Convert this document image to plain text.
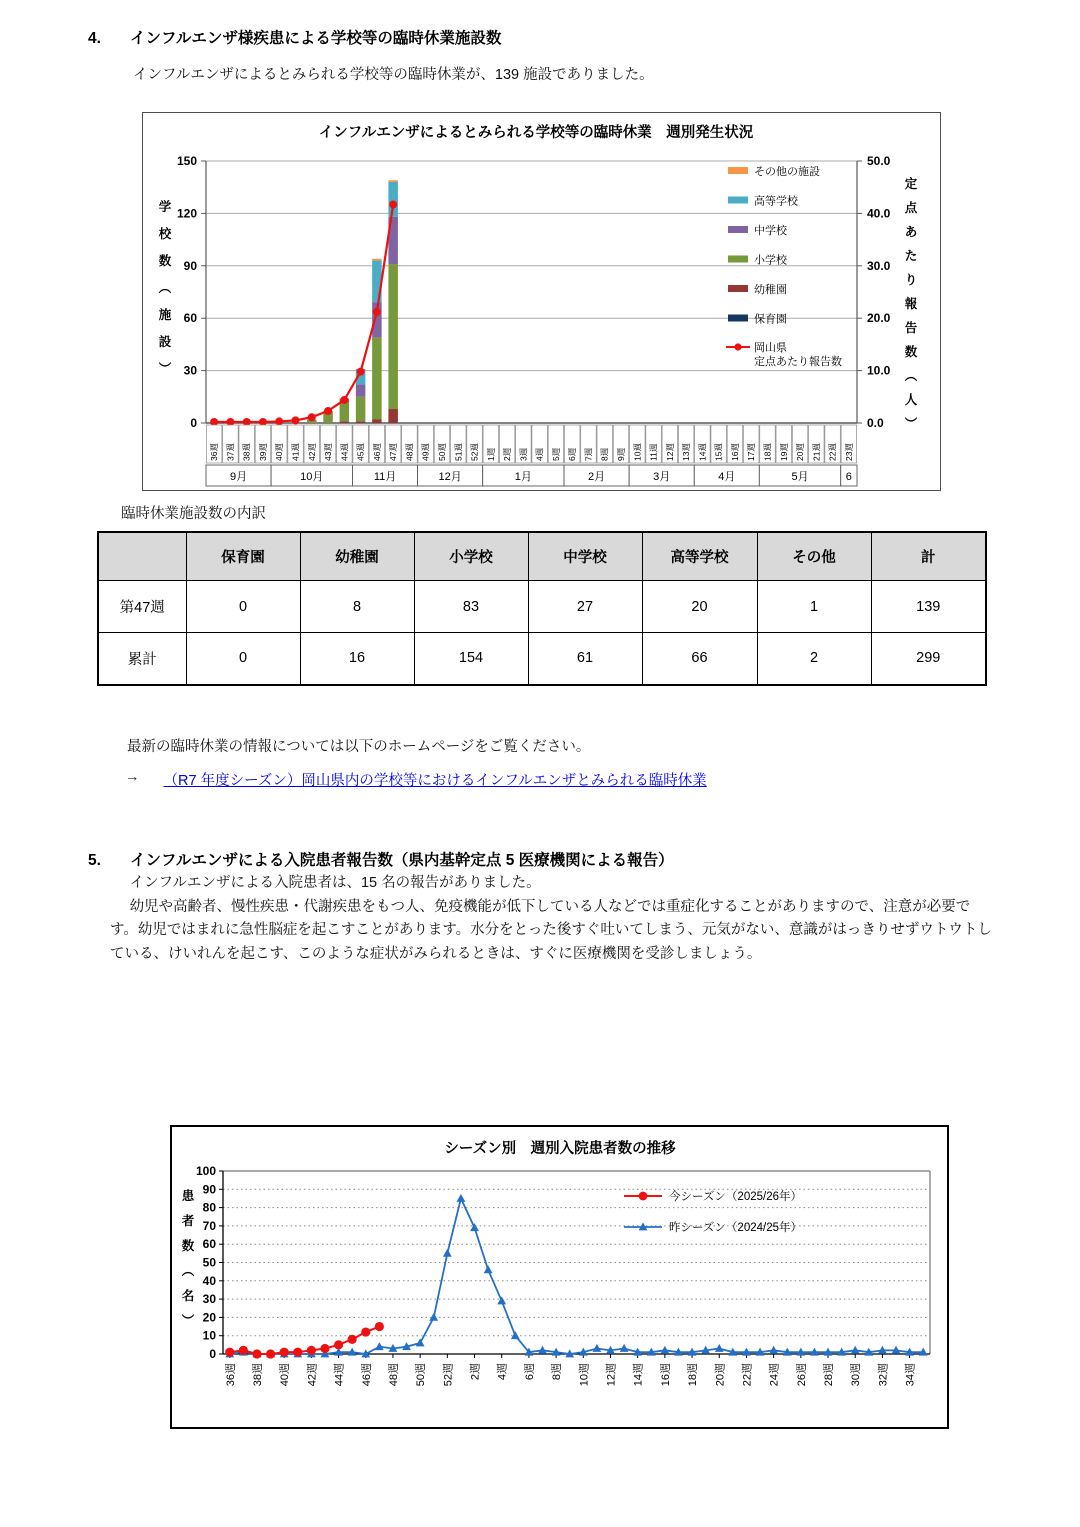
4.	インフルエンザ様疾患による学校等の臨時休業施設数
インフルエンザによるとみられる学校等の臨時休業が、139 施設でありました。
0
30
60
90
120
150
0.0
10.0
20.0
30.0
40.0
50.0
36週 37週 38週 39週 40週 41週 42週 43週 44週 45週 46週 47週 48週 49週 50週 51週 52週 1週 2週 3週 4週 5週 6週 7週 8週 9週 10週 11週 12週 13週 14週 15週 16週 17週 18週 19週 20週 21週 22週 23週
9月	10月	11月	12月	1月	2月	3月	4月	5月	6
その他の施設
高等学校
中学校
小学校
幼稚園
保育園
岡山県
定点あたり報告数
インフルエンザによるとみられる学校等の臨時休業　週別発生状況
学校数︵施設︶
定点あたり報告数︵人︶
臨時休業施設数の内訳
	保育園	幼稚園	小学校	中学校	高等学校	その他	計
第47週	0	8	83	27	20	1	139
累計	0	16	154	61	66	2	299
最新の臨時休業の情報については以下のホームページをご覧ください。
→ （R7 年度シーズン）岡山県内の学校等におけるインフルエンザとみられる臨時休業
5.	インフルエンザによる入院患者報告数（県内基幹定点 5 医療機関による報告）

インフルエンザによる入院患者は、15 名の報告がありました。

幼児や高齢者、慢性疾患・代謝疾患をもつ人、免疫機能が低下している人などでは重症化することがありますので、注意が必要です。幼児ではまれに急性脳症を起こすことがあります。水分をとった後すぐ吐いてしまう、元気がない、意識がはっきりせずウトウトしている、けいれんを起こす、このような症状がみられるときは、すぐに医療機関を受診しましょう。

0
10
20
30
40
50
60
70
80
90
100
36週 38週 40週 42週 44週 46週 48週 50週 52週 2週 4週 6週 8週 10週 12週 14週 16週 18週 20週 22週 24週 26週 28週 30週 32週 34週
今シーズン（2025/26年）
昨シーズン（2024/25年）
シーズン別　週別入院患者数の推移
患者数︵名︶
